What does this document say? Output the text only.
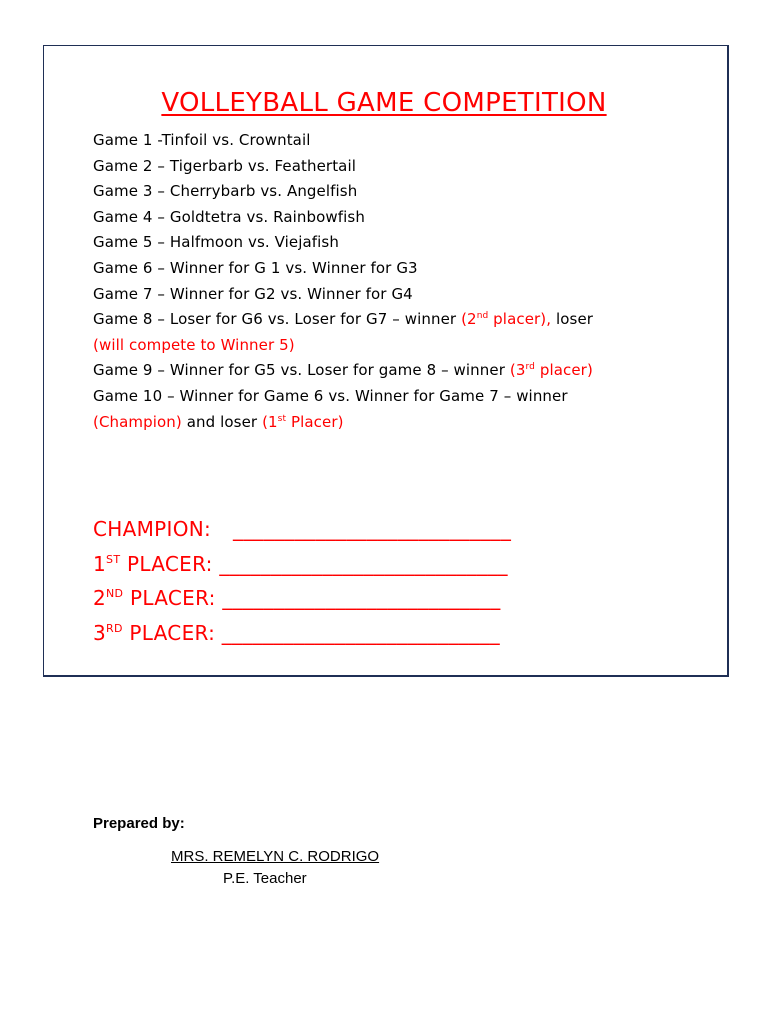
VOLLEYBALL GAME COMPETITION
Game 1 -Tinfoil vs. Crowntail
Game 2 – Tigerbarb vs. Feathertail
Game 3 – Cherrybarb vs. Angelfish
Game 4 – Goldtetra vs. Rainbowfish
Game 5 – Halfmoon vs. Viejafish
Game 6 – Winner for G 1 vs. Winner for G3
Game 7 – Winner for G2 vs. Winner for G4
Game 8 – Loser for G6 vs. Loser for G7 – winner (2nd placer), loser
(will compete to Winner 5)
Game 9 – Winner for G5 vs. Loser for game 8 – winner (3rd placer)
Game 10 – Winner for Game 6 vs. Winner for Game 7 – winner
(Champion) and loser (1st Placer)
CHAMPION: ___________________________
1ST PLACER: ____________________________
2ND PLACER: ___________________________
3RD PLACER: ___________________________
Prepared by:
MRS. REMELYN C. RODRIGO
P.E. Teacher
